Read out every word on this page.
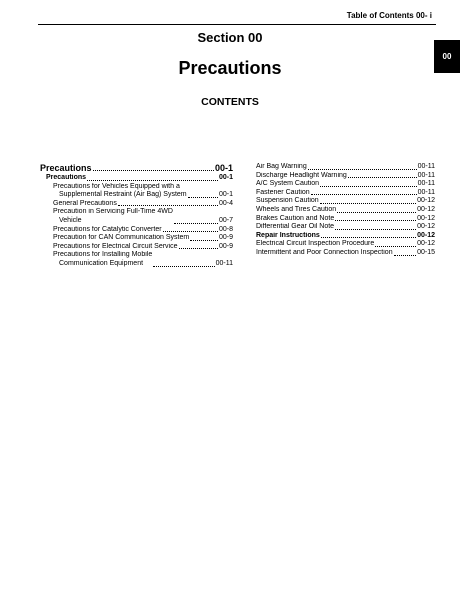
Table of Contents 00- i
00
Section 00
Precautions
CONTENTS
Precautions	00-1
Precautions	00-1
Precautions for Vehicles Equipped with a
Supplemental Restraint (Air Bag) System	00-1
General Precautions	00-4
Precaution in Servicing Full-Time 4WD
Vehicle	00-7
Precautions for Catalytic Converter	00-8
Precaution for CAN Communication System	00-9
Precautions for Electrical Circuit Service	00-9
Precautions for Installing Mobile
Communication Equipment	00-11
Air Bag Warning	00-11
Discharge Headlight Warning	00-11
A/C System Caution	00-11
Fastener Caution	00-11
Suspension Caution	00-12
Wheels and Tires Caution	00-12
Brakes Caution and Note	00-12
Differential Gear Oil Note	00-12
Repair Instructions	00-12
Electrical Circuit Inspection Procedure	00-12
Intermittent and Poor Connection Inspection	00-15
